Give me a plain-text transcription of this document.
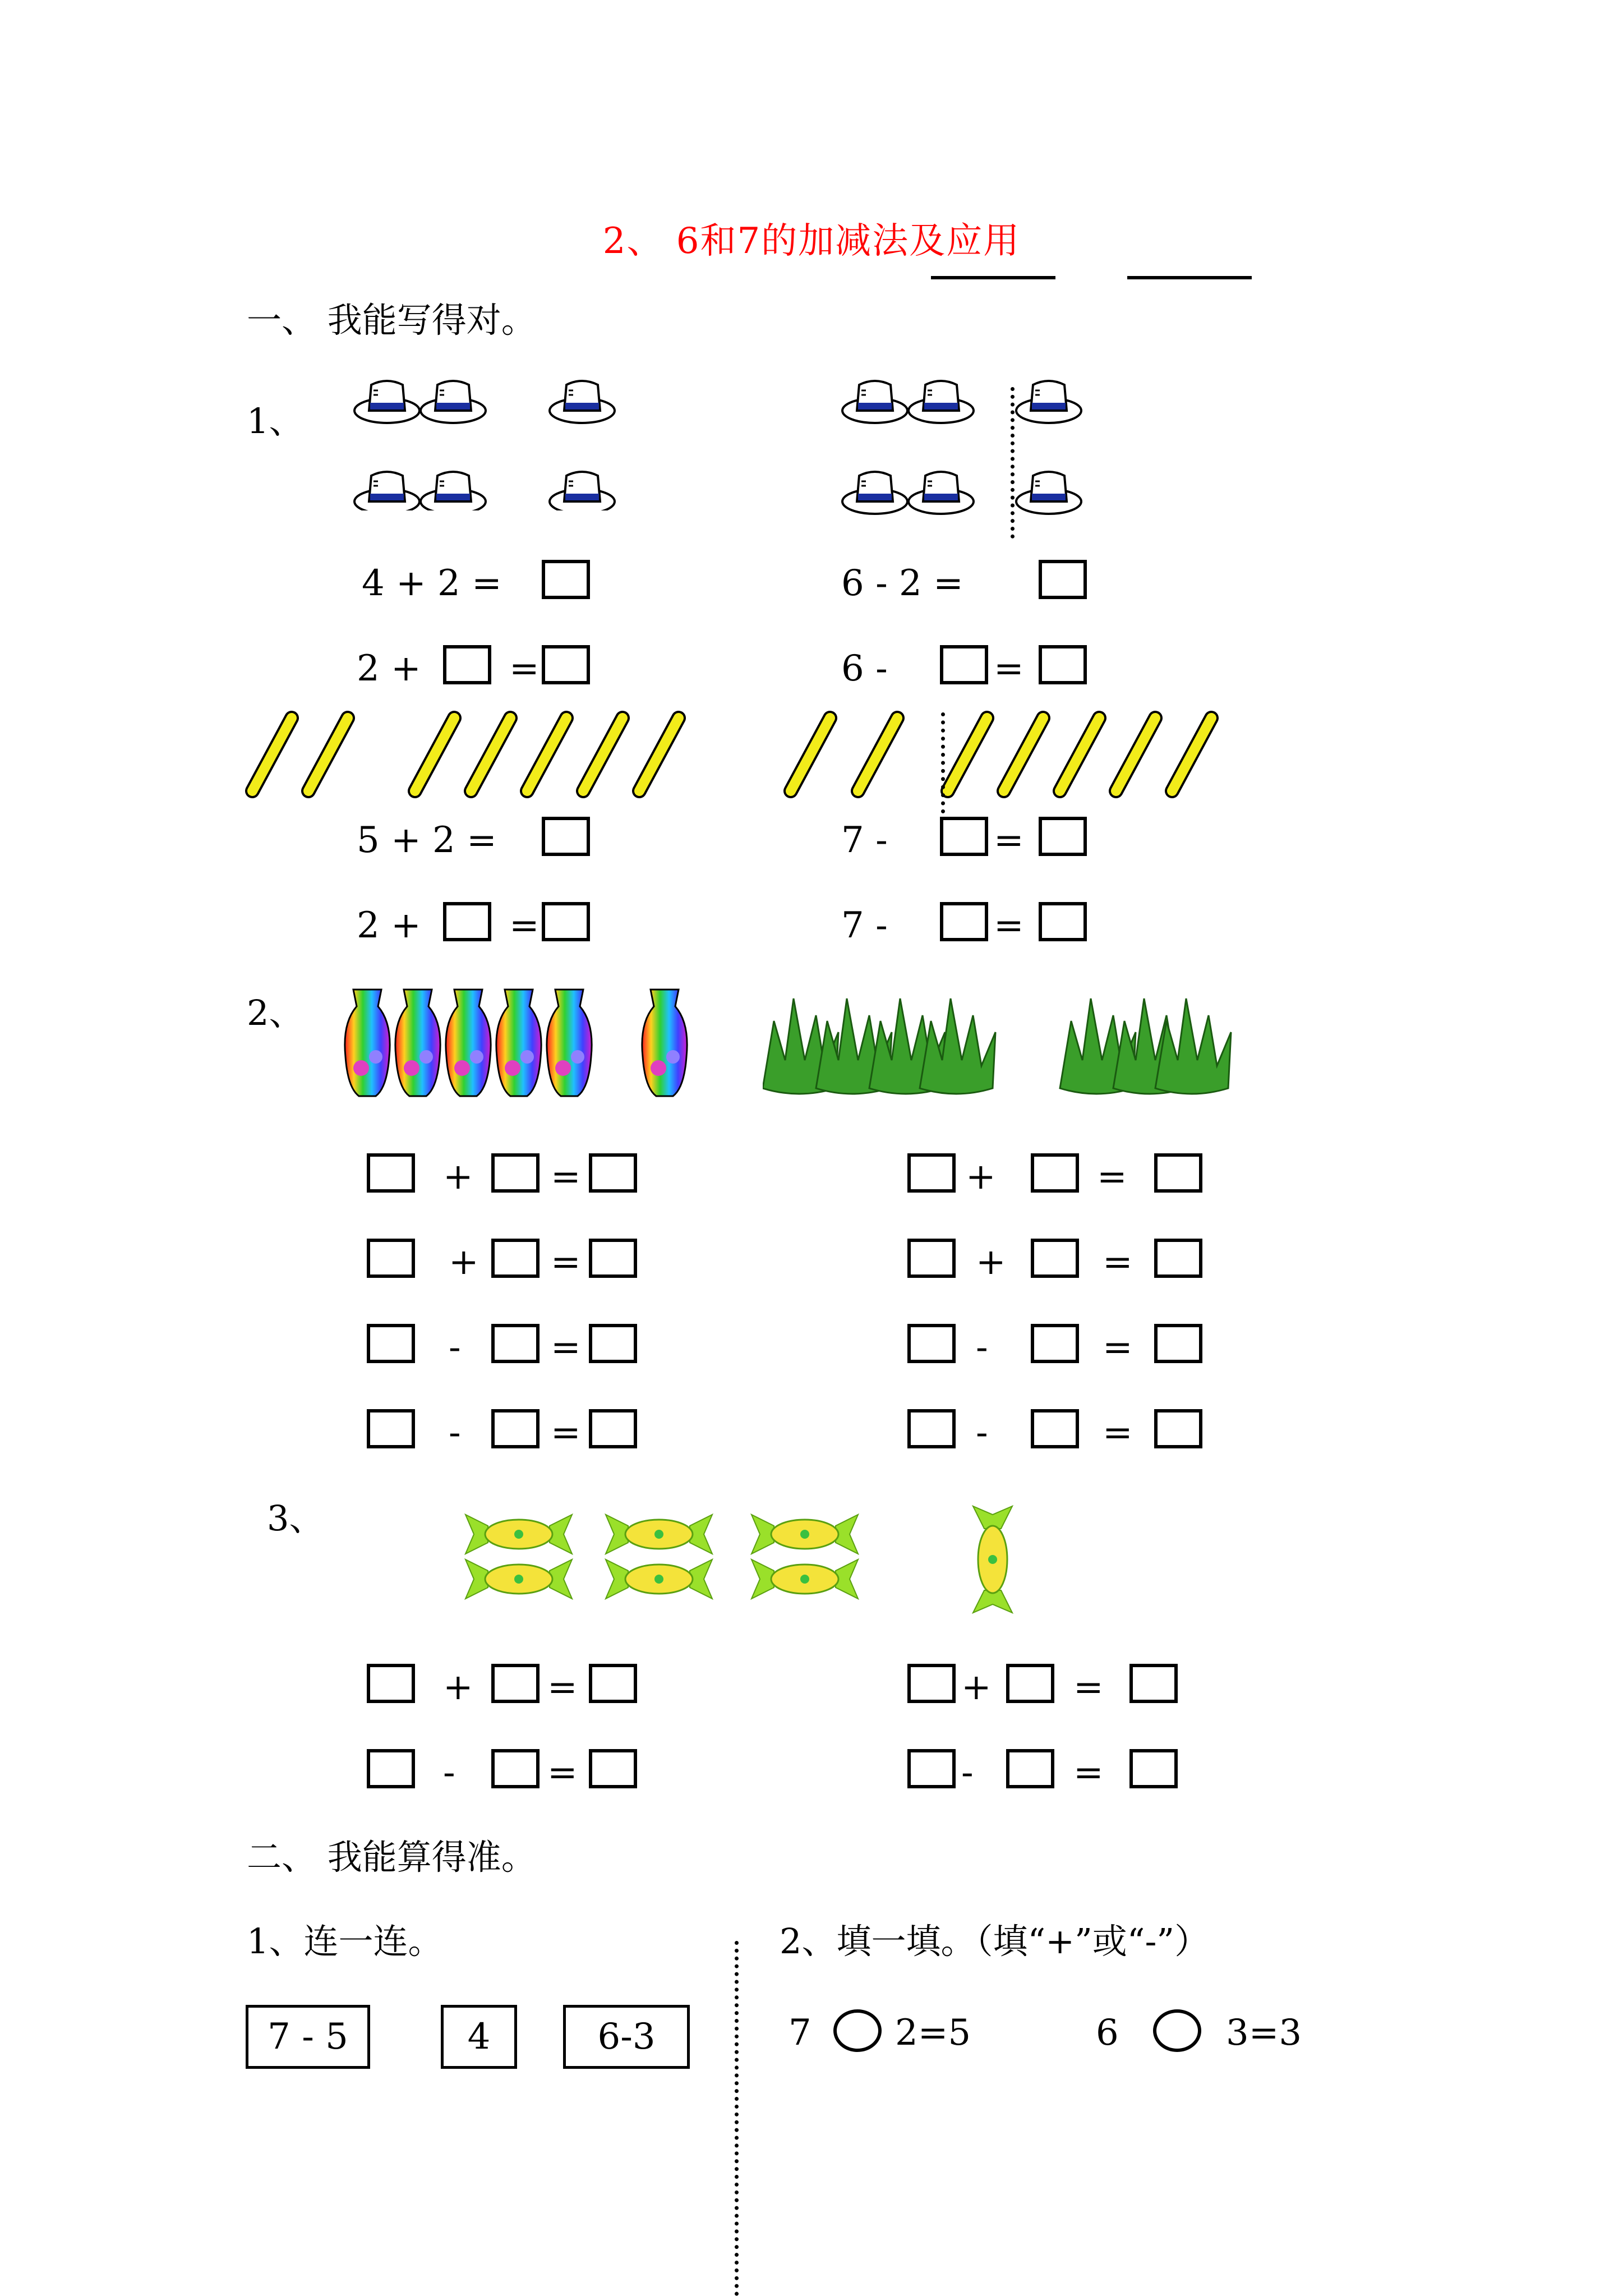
2、 6和7的加减法及应用
一、 我能写得对。
1、
4 + 2 =	6 - 2 =
2 + =	6 -	=
5 + 2 =	7 -	=
2 + =	7 -	=
2、
+ =	+	=
+ =	+	=
-	=	-	=
-	=	-	=
3、
+ =	+ =
-	=	-	=
二、 我能算得准。
1、连一连。	2、填一填。（填“+”或“-”）
7 - 5	4	6-3	7 2=5	6	3=3
